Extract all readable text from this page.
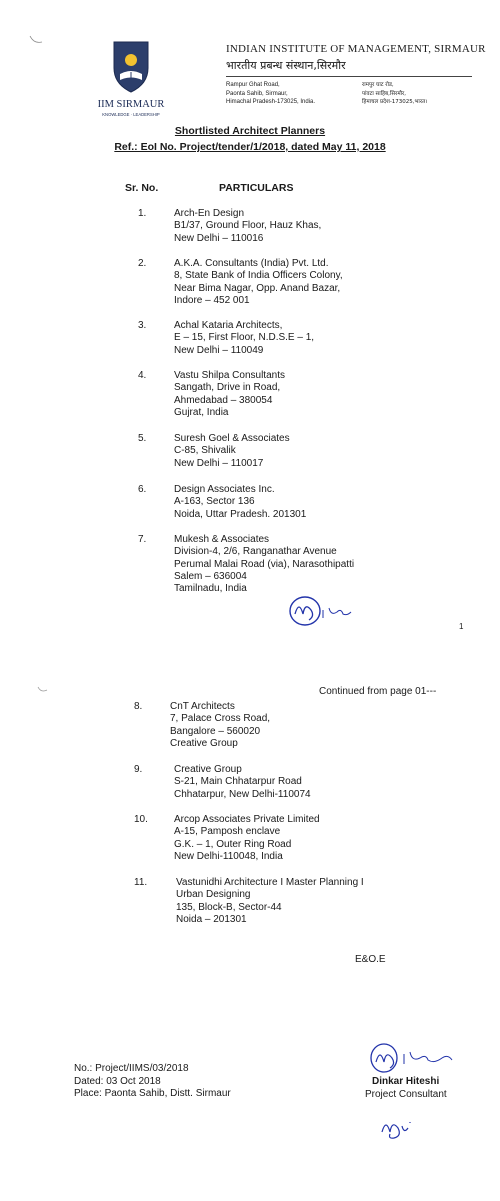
IIM SIRMAUR
KNOWLEDGE · LEADERSHIP
INDIAN INSTITUTE OF MANAGEMENT, SIRMAUR
भारतीय प्रबन्ध संस्थान,सिरमौर
Rampur Ghat Road,
Paonta Sahib, Sirmaur,
Himachal Pradesh-173025, India.
रामपुर घाट रोड,
पांवटा साहिब,सिरमौर,
हिमाचल प्रदेश-173025,भारत।
Shortlisted Architect Planners
Ref.: EoI No. Project/tender/1/2018, dated May 11, 2018
Sr. No.	PARTICULARS
1.	Arch-En Design
B1/37, Ground Floor, Hauz Khas,
New Delhi – 110016
2.	A.K.A. Consultants (India) Pvt. Ltd.
8, State Bank of India Officers Colony,
Near Bima Nagar, Opp. Anand Bazar,
Indore – 452 001
3.	Achal Kataria Architects,
E – 15, First Floor, N.D.S.E – 1,
New Delhi – 110049
4.	Vastu Shilpa Consultants
Sangath, Drive in Road,
Ahmedabad – 380054
Gujrat, India
5.	Suresh Goel & Associates
C-85, Shivalik
New Delhi – 110017
6.	Design Associates Inc.
A-163, Sector 136
Noida, Uttar Pradesh. 201301
7.	Mukesh & Associates
Division-4, 2/6, Ranganathar Avenue
Perumal Malai Road (via), Narasothipatti
Salem – 636004
Tamilnadu, India
1
Continued from page 01---
8.	CnT Architects
7, Palace Cross Road,
Bangalore – 560020
Creative Group
9.	Creative Group
S-21, Main Chhatarpur Road
Chhatarpur, New Delhi-110074
10.	Arcop Associates Private Limited
A-15, Pamposh enclave
G.K. – 1, Outer Ring Road
New Delhi-110048, India
11.	Vastunidhi Architecture I Master Planning I
Urban Designing
135, Block-B, Sector-44
Noida – 201301
E&O.E
No.: Project/IIMS/03/2018
Dated: 03 Oct 2018
Place: Paonta Sahib, Distt. Sirmaur
Dinkar Hiteshi
Project Consultant
